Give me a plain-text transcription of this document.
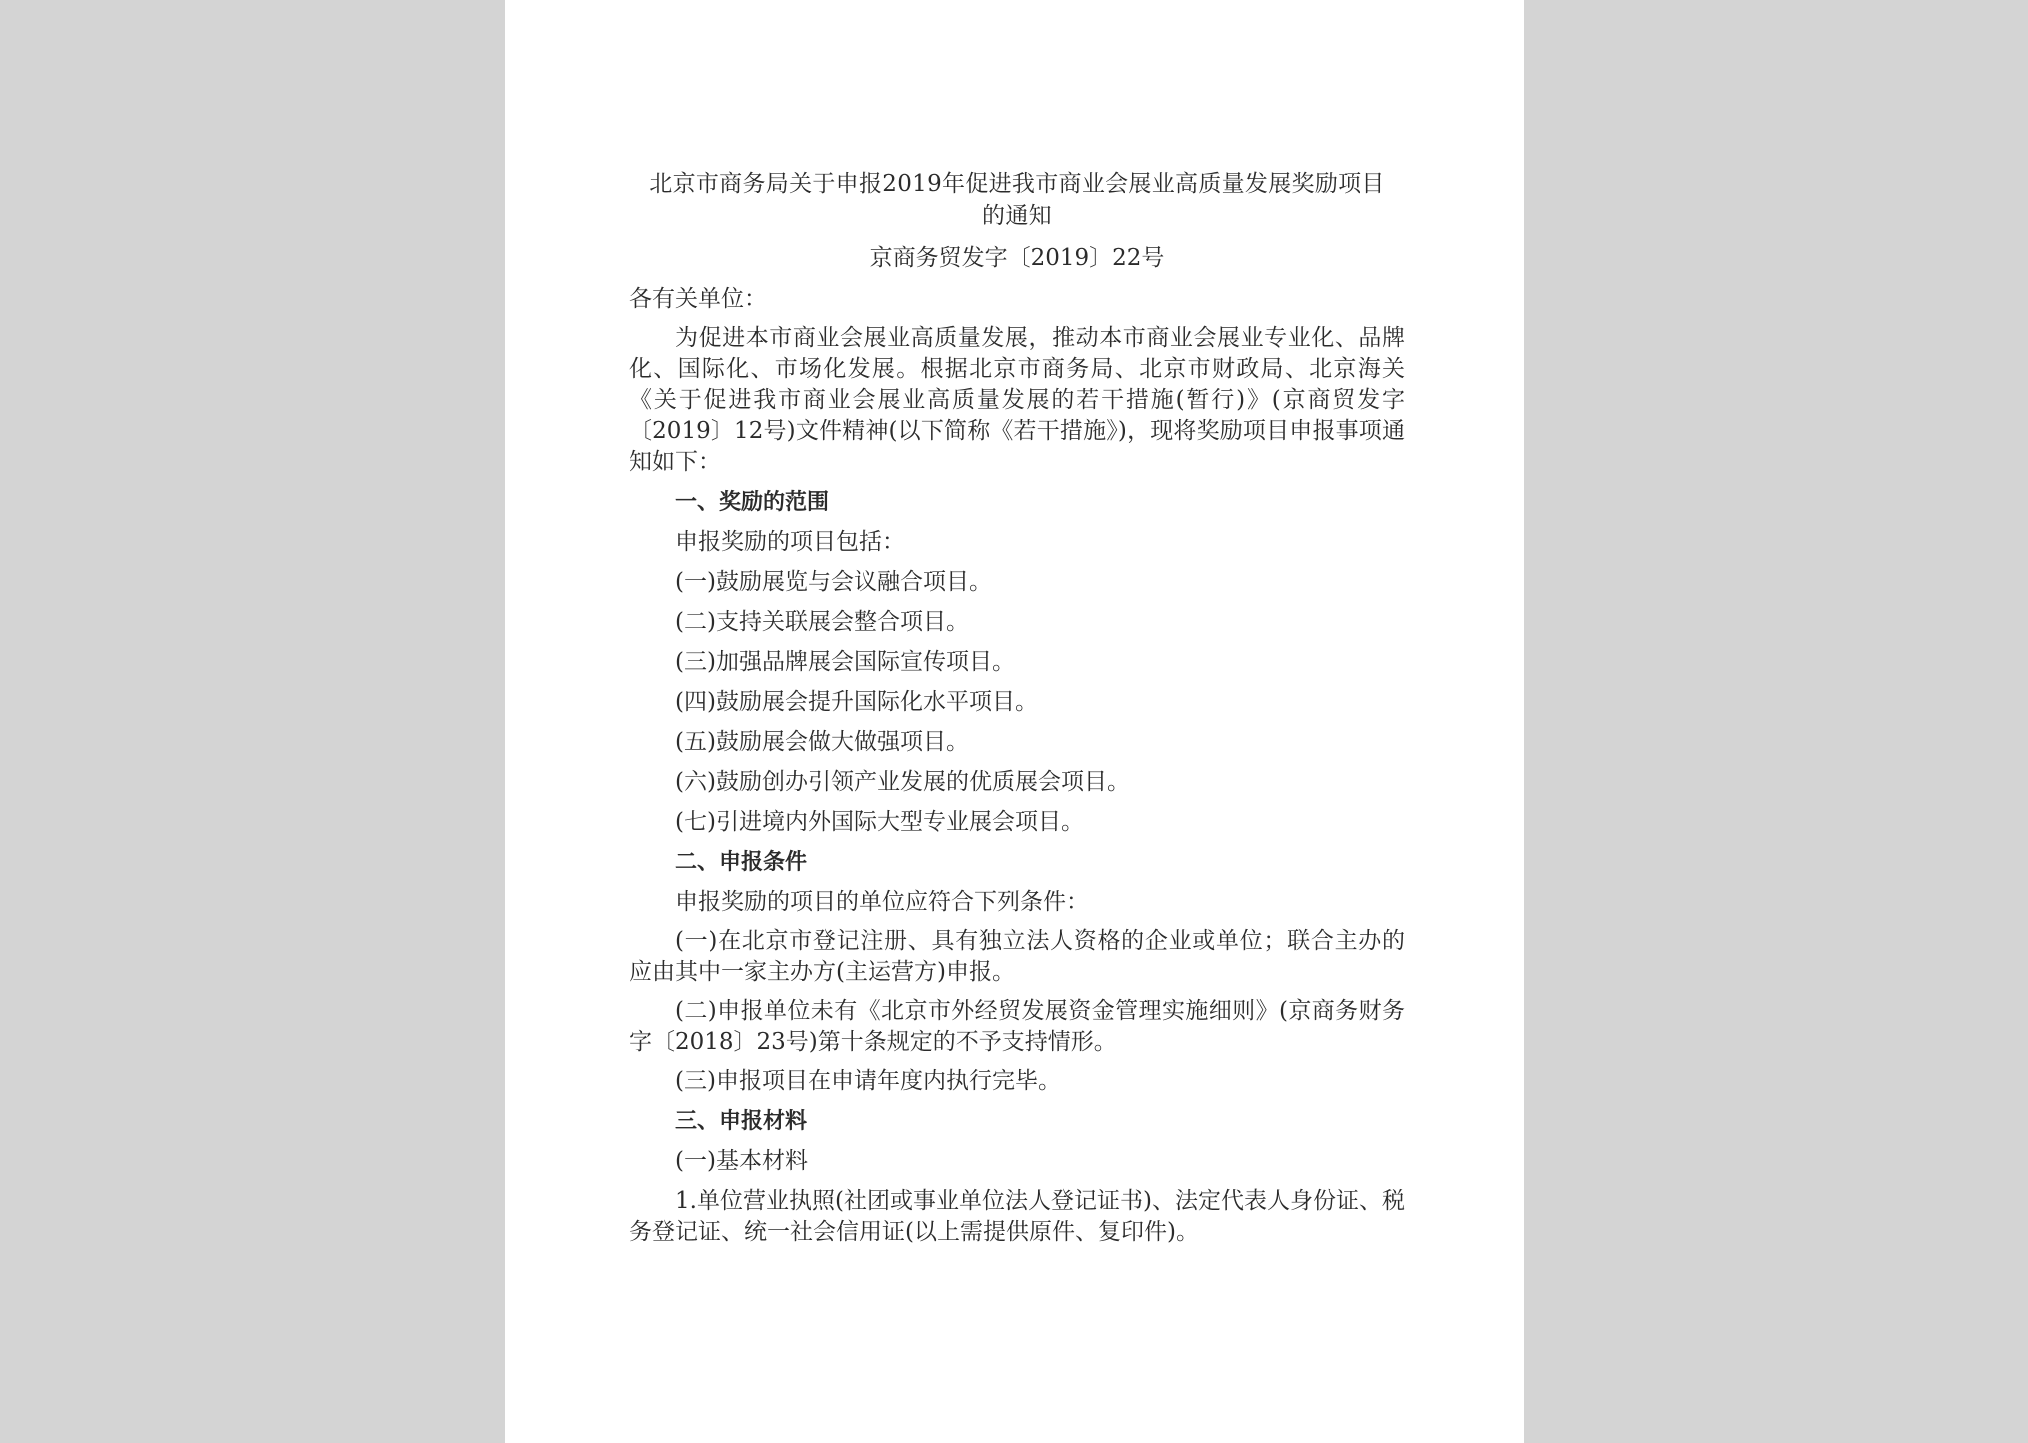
北京市商务局关于申报2019年促进我市商业会展业高质量发展奖励项目
的通知
京商务贸发字〔2019〕22号
各有关单位：
为促进本市商业会展业高质量发展，推动本市商业会展业专业化、品牌化、国际化、市场化发展。根据北京市商务局、北京市财政局、北京海关《关于促进我市商业会展业高质量发展的若干措施(暂行)》(京商贸发字〔2019〕12号)文件精神(以下简称《若干措施》)，现将奖励项目申报事项通知如下：
一、奖励的范围
申报奖励的项目包括：
(一)鼓励展览与会议融合项目。
(二)支持关联展会整合项目。
(三)加强品牌展会国际宣传项目。
(四)鼓励展会提升国际化水平项目。
(五)鼓励展会做大做强项目。
(六)鼓励创办引领产业发展的优质展会项目。
(七)引进境内外国际大型专业展会项目。
二、申报条件
申报奖励的项目的单位应符合下列条件：
(一)在北京市登记注册、具有独立法人资格的企业或单位；联合主办的应由其中一家主办方(主运营方)申报。
(二)申报单位未有《北京市外经贸发展资金管理实施细则》(京商务财务字〔2018〕23号)第十条规定的不予支持情形。
(三)申报项目在申请年度内执行完毕。
三、申报材料
(一)基本材料
1.单位营业执照(社团或事业单位法人登记证书)、法定代表人身份证、税务登记证、统一社会信用证(以上需提供原件、复印件)。
